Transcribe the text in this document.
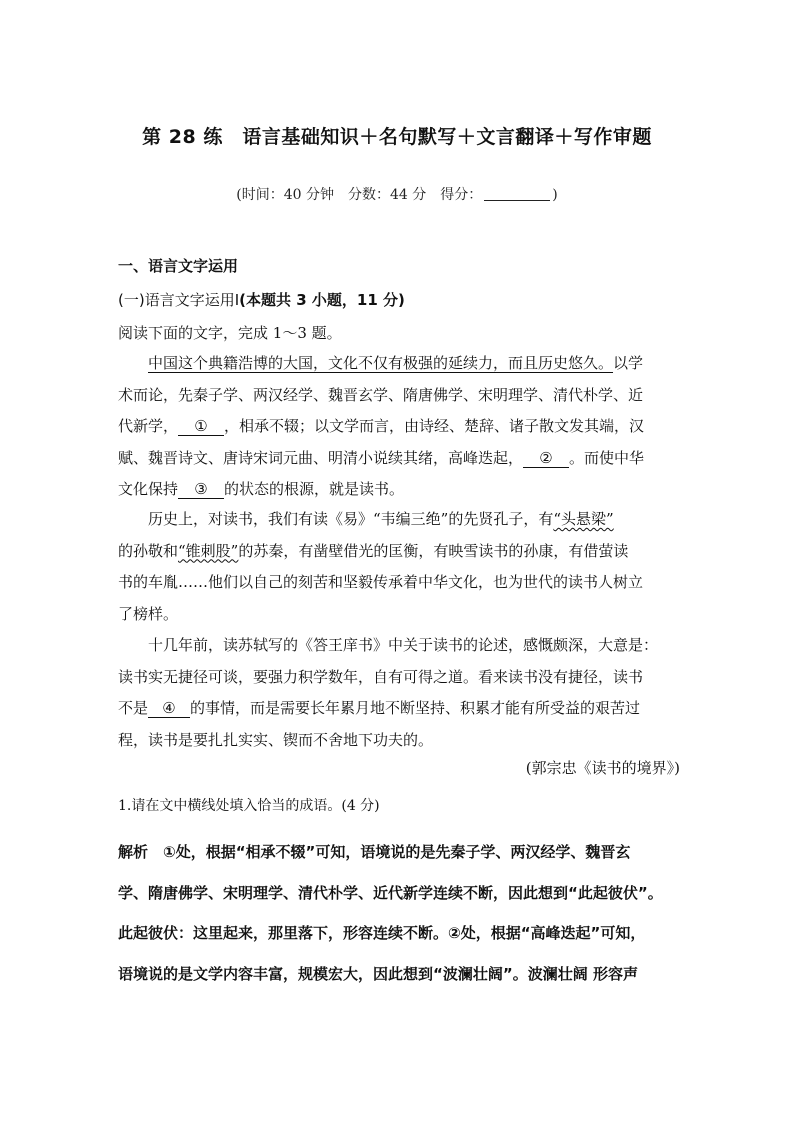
第 28 练　语言基础知识＋名句默写＋文言翻译＋写作审题
(时间：40 分钟　分数：44 分　得分：	)
一、语言文字运用
(一)语言文字运用Ⅰ(本题共 3 小题，11 分)
阅读下面的文字，完成 1～3 题。
中国这个典籍浩博的大国，文化不仅有极强的延续力，而且历史悠久。以学
术而论，先秦子学、两汉经学、魏晋玄学、隋唐佛学、宋明理学、清代朴学、近
代新学， ① ，相承不辍；以文学而言，由诗经、楚辞、诸子散文发其端，汉
赋、魏晋诗文、唐诗宋词元曲、明清小说续其绪，高峰迭起， ② 。而使中华
文化保持 ③ 的状态的根源，就是读书。
历史上，对读书，我们有读《易》“韦编三绝”的先贤孔子，有“头悬梁”
的孙敬和“锥刺股”的苏秦，有凿壁借光的匡衡，有映雪读书的孙康，有借萤读
书的车胤……他们以自己的刻苦和坚毅传承着中华文化，也为世代的读书人树立
了榜样。
十几年前，读苏轼写的《答王庠书》中关于读书的论述，感慨颇深，大意是：
读书实无捷径可谈，要强力积学数年，自有可得之道。看来读书没有捷径，读书
不是 ④ 的事情，而是需要长年累月地不断坚持、积累才能有所受益的艰苦过
程，读书是要扎扎实实、锲而不舍地下功夫的。
(郭宗忠《读书的境界》)
1.请在文中横线处填入恰当的成语。(4 分)
解析　①处，根据“相承不辍”可知，语境说的是先秦子学、两汉经学、魏晋玄
学、隋唐佛学、宋明理学、清代朴学、近代新学连续不断，因此想到“此起彼伏”。
此起彼伏：这里起来，那里落下，形容连续不断。②处，根据“高峰迭起”可知，
语境说的是文学内容丰富，规模宏大，因此想到“波澜壮阔”。波澜壮阔 形容声
